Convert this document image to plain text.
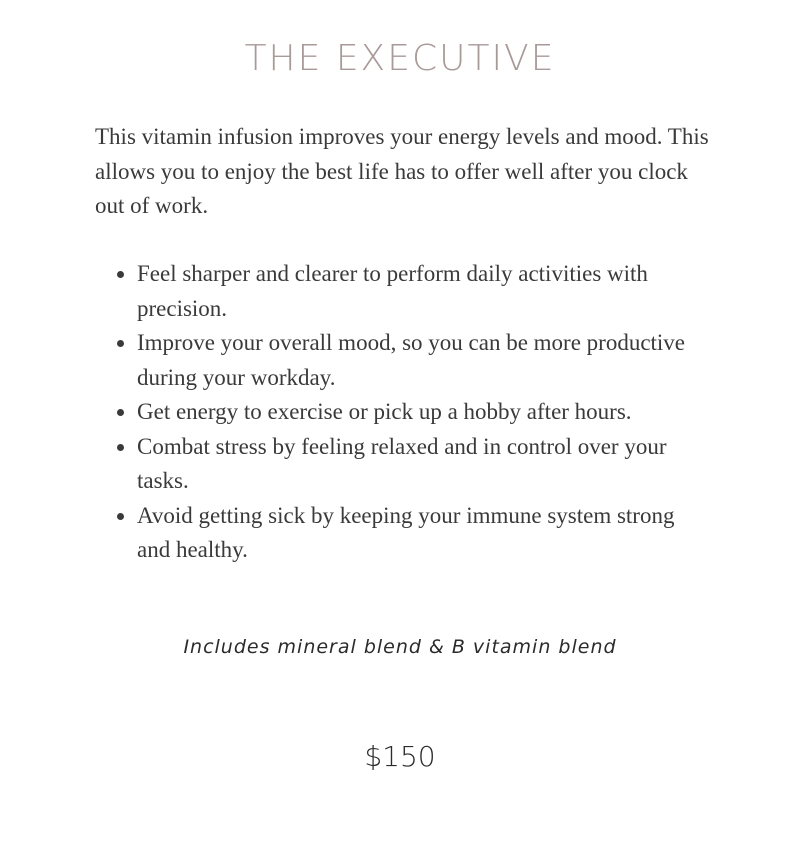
THE EXECUTIVE

This vitamin infusion improves your energy levels and mood. This allows you to enjoy the best life has to offer well after you clock out of work.

• Feel sharper and clearer to perform daily activities with precision.
• Improve your overall mood, so you can be more productive during your workday.
• Get energy to exercise or pick up a hobby after hours.
• Combat stress by feeling relaxed and in control over your tasks.
• Avoid getting sick by keeping your immune system strong and healthy.

Includes mineral blend & B vitamin blend

$150
